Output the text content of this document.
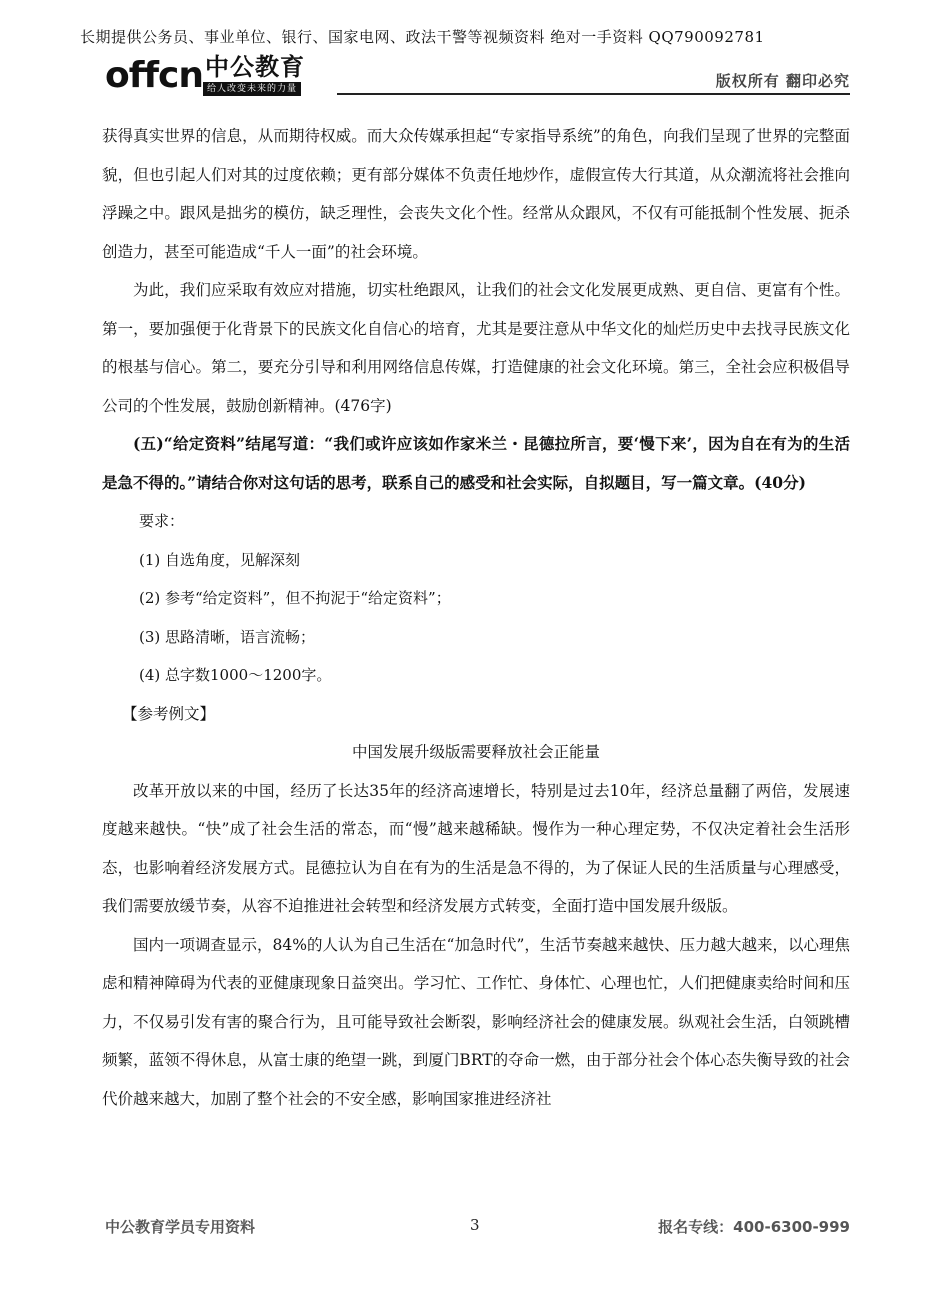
长期提供公务员、事业单位、银行、国家电网、政法干警等视频资料 绝对一手资料 QQ790092781
offcn 中公教育
给人改变未来的力量	版权所有 翻印必究

获得真实世界的信息，从而期待权威。而大众传媒承担起“专家指导系统”的角色，向我们呈现了世界的完整面貌，但也引起人们对其的过度依赖；更有部分媒体不负责任地炒作，虚假宣传大行其道，从众潮流将社会推向浮躁之中。跟风是拙劣的模仿，缺乏理性，会丧失文化个性。经常从众跟风，不仅有可能抵制个性发展、扼杀创造力，甚至可能造成“千人一面”的社会环境。

为此，我们应采取有效应对措施，切实杜绝跟风，让我们的社会文化发展更成熟、更自信、更富有个性。第一，要加强便于化背景下的民族文化自信心的培育，尤其是要注意从中华文化的灿烂历史中去找寻民族文化的根基与信心。第二，要充分引导和利用网络信息传媒，打造健康的社会文化环境。第三，全社会应积极倡导公司的个性发展，鼓励创新精神。(476字)

(五)“给定资料”结尾写道：“我们或许应该如作家米兰・昆德拉所言，要‘慢下来’，因为自在有为的生活是急不得的。”请结合你对这句话的思考，联系自己的感受和社会实际，自拟题目，写一篇文章。(40分)

要求：

(1) 自选角度，见解深刻

(2) 参考“给定资料”，但不拘泥于“给定资料”；

(3) 思路清晰，语言流畅；

(4) 总字数1000～1200字。

【参考例文】

中国发展升级版需要释放社会正能量

改革开放以来的中国，经历了长达35年的经济高速增长，特别是过去10年，经济总量翻了两倍，发展速度越来越快。“快”成了社会生活的常态，而“慢”越来越稀缺。慢作为一种心理定势，不仅决定着社会生活形态，也影响着经济发展方式。昆德拉认为自在有为的生活是急不得的，为了保证人民的生活质量与心理感受，我们需要放缓节奏，从容不迫推进社会转型和经济发展方式转变，全面打造中国发展升级版。

国内一项调查显示，84%的人认为自己生活在“加急时代”，生活节奏越来越快、压力越大越来，以心理焦虑和精神障碍为代表的亚健康现象日益突出。学习忙、工作忙、身体忙、心理也忙，人们把健康卖给时间和压力，不仅易引发有害的聚合行为，且可能导致社会断裂，影响经济社会的健康发展。纵观社会生活，白领跳槽频繁，蓝领不得休息，从富士康的绝望一跳，到厦门BRT的夺命一燃，由于部分社会个体心态失衡导致的社会代价越来越大，加剧了整个社会的不安全感，影响国家推进经济社

中公教育学员专用资料	3	报名专线：400-6300-999
